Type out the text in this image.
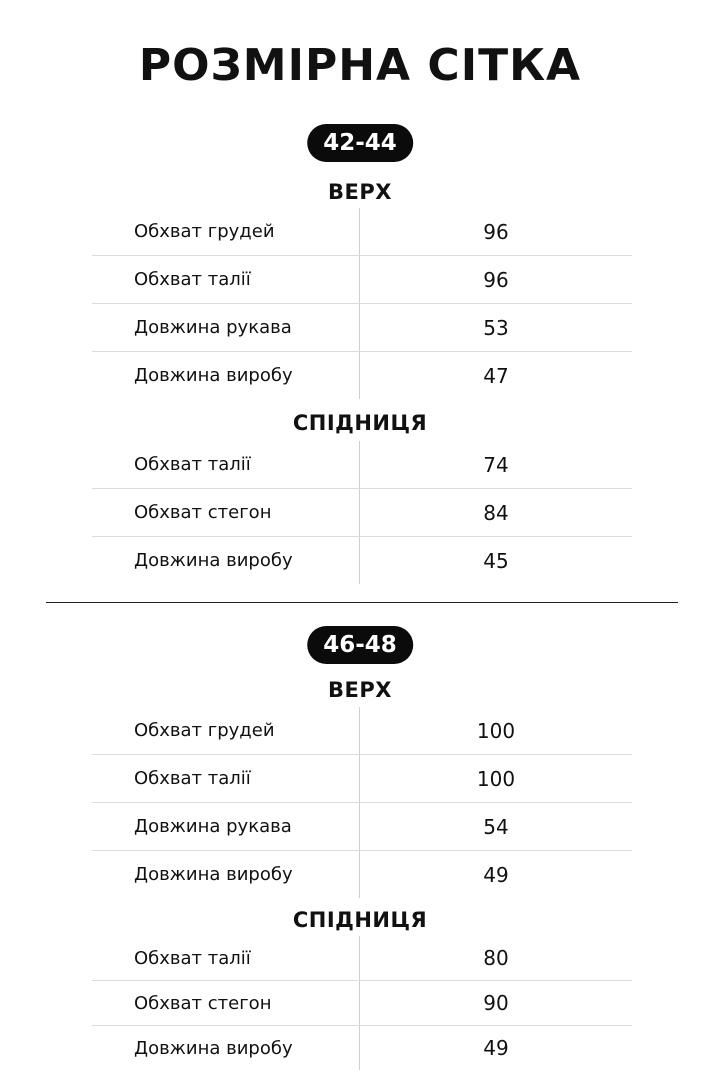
РОЗМІРНА СІТКА
42-44
ВЕРХ
Обхват грудей	96
Обхват талії	96
Довжина рукава	53
Довжина виробу	47
СПІДНИЦЯ
Обхват талії	74
Обхват стегон	84
Довжина виробу	45
46-48
ВЕРХ
Обхват грудей	100
Обхват талії	100
Довжина рукава	54
Довжина виробу	49
СПІДНИЦЯ
Обхват талії	80
Обхват стегон	90
Довжина виробу	49
